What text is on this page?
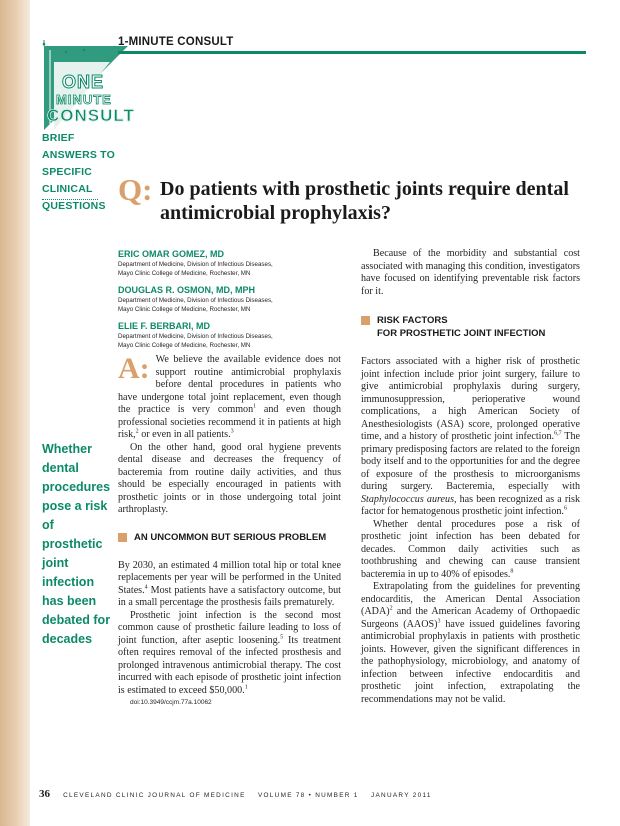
ONE
MINUTE
CONSULT
1-MINUTE CONSULT
BRIEF ANSWERS TO SPECIFIC CLINICAL QUESTIONS Q: Do patients with prosthetic joints require dental antimicrobial prophylaxis?
ERIC OMAR GOMEZ, MD
Department of Medicine, Division of Infectious Diseases,
Mayo Clinic College of Medicine, Rochester, MN
DOUGLAS R. OSMON, MD, MPH
Department of Medicine, Division of Infectious Diseases,
Mayo Clinic College of Medicine, Rochester, MN
ELIE F. BERBARI, MD
Department of Medicine, Division of Infectious Diseases,
Mayo Clinic College of Medicine, Rochester, MN

A: We believe the available evidence does not support routine antimicrobial prophylaxis before dental procedures in patients who have undergone total joint replacement, even though the practice is very common$^1$ and even though professional societies recommend it in patients at high risk,$^2$ or even in all patients.$^3$

On the other hand, good oral hygiene prevents dental disease and decreases the frequency of bacteremia from routine daily activities, and thus should be especially encouraged in patients with prosthetic joints or in those undergoing total joint arthroplasty.

AN UNCOMMON BUT SERIOUS PROBLEM

By 2030, an estimated 4 million total hip or total knee replacements per year will be performed in the United States.$^4$ Most patients have a satisfactory outcome, but in a small percentage the prosthesis fails prematurely.

Prosthetic joint infection is the second most common cause of prosthetic failure leading to loss of joint function, after aseptic loosening.$^5$ Its treatment often requires removal of the infected prosthesis and prolonged intravenous antimicrobial therapy. The cost incurred with each episode of prosthetic joint infection is estimated to exceed $50,000.$^1$

doi:10.3949/ccjm.77a.10062

Because of the morbidity and substantial cost associated with managing this condition, investigators have focused on identifying preventable risk factors for it.

RISK FACTORS
FOR PROSTHETIC JOINT INFECTION

Factors associated with a higher risk of prosthetic joint infection include prior joint surgery, failure to give antimicrobial prophylaxis during surgery, immunosuppression, perioperative wound complications, a high American Society of Anesthesiologists (ASA) score, prolonged operative time, and a history of prosthetic joint infection.$^{6,7}$ The primary predisposing factors are related to the foreign body itself and to the opportunities for and the degree of exposure of the prosthesis to microorganisms during surgery. Bacteremia, especially with Staphylococcus aureus, has been recognized as a risk factor for hematogenous prosthetic joint infection.$^6$

Whether dental procedures pose a risk of prosthetic joint infection has been debated for decades. Common daily activities such as toothbrushing and chewing can cause transient bacteremia in up to 40% of episodes.$^8$

Extrapolating from the guidelines for preventing endocarditis, the American Dental Association (ADA)$^2$ and the American Academy of Orthopaedic Surgeons (AAOS)$^3$ have issued guidelines favoring antimicrobial prophylaxis in patients with prosthetic joints. However, given the significant differences in the pathophysiology, microbiology, and anatomy of infection between infective endocarditis and prosthetic joint infection, extrapolating the recommendations may not be valid.

Whether dental procedures pose a risk of prosthetic joint infection has been debated for decades
36 CLEVELAND CLINIC JOURNAL OF MEDICINE VOLUME 78 • NUMBER 1 JANUARY 2011
